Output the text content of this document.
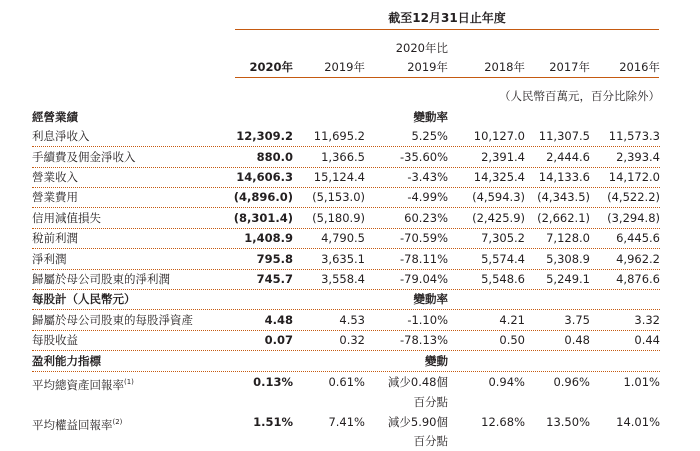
截至12月31日止年度
2020年比
2020年	2019年	2019年	2018年	2017年	2016年
（人民幣百萬元，百分比除外）
經營業績	變動率
利息淨收入	12,309.2	11,695.2	5.25%	10,127.0	11,307.5	11,573.3
手續費及佣金淨收入	880.0	1,366.5	-35.60%	2,391.4	2,444.6	2,393.4
營業收入	14,606.3	15,124.4	-3.43%	14,325.4	14,133.6	14,172.0
營業費用	(4,896.0)	(5,153.0)	-4.99%	(4,594.3)	(4,343.5)	(4,522.2)
信用減值損失	(8,301.4)	(5,180.9)	60.23%	(2,425.9)	(2,662.1)	(3,294.8)
稅前利潤	1,408.9	4,790.5	-70.59%	7,305.2	7,128.0	6,445.6
淨利潤	795.8	3,635.1	-78.11%	5,574.4	5,308.9	4,962.2
歸屬於母公司股東的淨利潤	745.7	3,558.4	-79.04%	5,548.6	5,249.1	4,876.6
每股計（人民幣元）	變動率
歸屬於母公司股東的每股淨資產	4.48	4.53	-1.10%	4.21	3.75	3.32
每股收益	0.07	0.32	-78.13%	0.50	0.48	0.44
盈利能力指標	變動
平均總資產回報率$^{(1)}$	0.13%	0.61%	減少0.48個	0.94%	0.96%	1.01%
百分點
平均權益回報率$^{(2)}$	1.51%	7.41%	減少5.90個	12.68%	13.50%	14.01%
百分點
